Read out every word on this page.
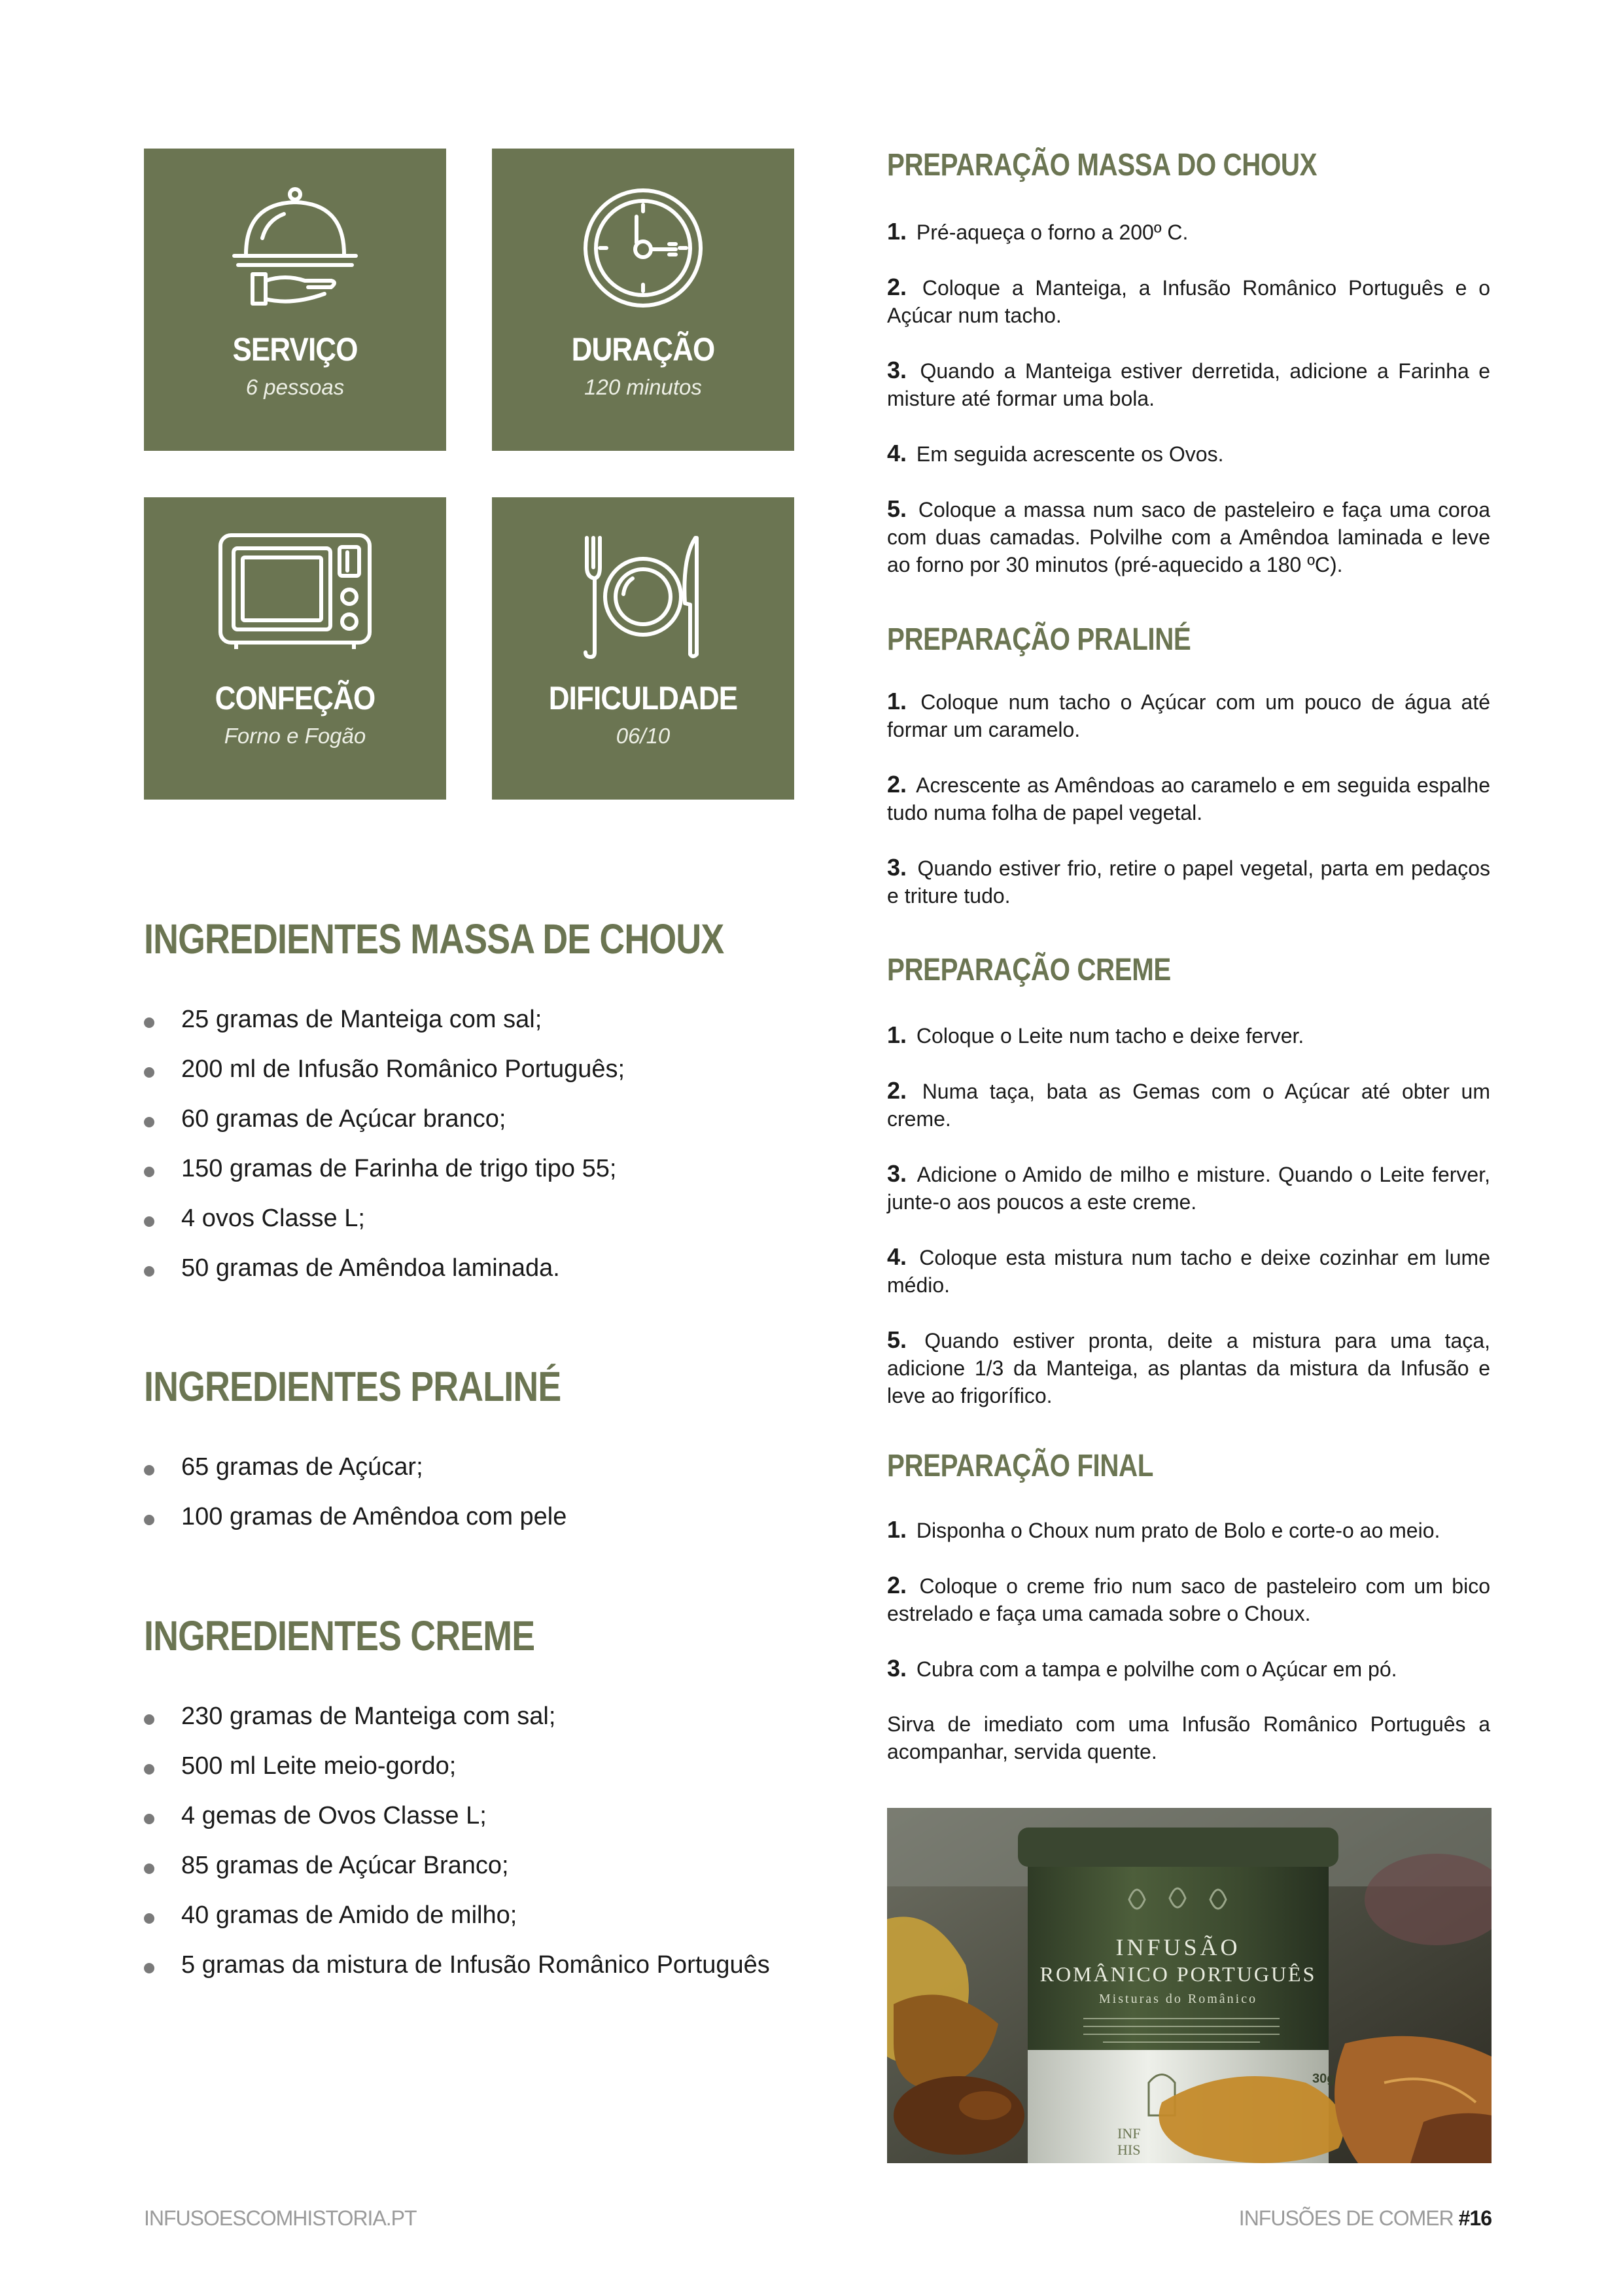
SERVIÇO
6 pessoas
DURAÇÃO
120 minutos
CONFEÇÃO
Forno e Fogão
DIFICULDADE
06/10
INGREDIENTES MASSA DE CHOUX
25 gramas de Manteiga com sal;
200 ml de Infusão Românico Português;
60 gramas de Açúcar branco;
150 gramas de Farinha de trigo tipo 55;
4 ovos Classe L;
50 gramas de Amêndoa laminada.
INGREDIENTES PRALINÉ
65 gramas de Açúcar;
100 gramas de Amêndoa com pele
INGREDIENTES CREME
230 gramas de Manteiga com sal;
500 ml Leite meio-gordo;
4 gemas de Ovos Classe L;
85 gramas de Açúcar Branco;
40 gramas de Amido de milho;
5 gramas da mistura de Infusão Românico Português
PREPARAÇÃO MASSA DO CHOUX

1. Pré-aqueça o forno a 200º C.

2. Coloque a Manteiga, a Infusão Românico Português e o Açúcar num tacho.

3. Quando a Manteiga estiver derretida, adicione a Farinha e misture até formar uma bola.

4. Em seguida acrescente os Ovos.

5. Coloque a massa num saco de pasteleiro e faça uma coroa com duas camadas. Polvilhe com a Amêndoa laminada e leve ao forno por 30 minutos (pré-aquecido a 180 ºC).

PREPARAÇÃO PRALINÉ

1. Coloque num tacho o Açúcar com um pouco de água até formar um caramelo.

2. Acrescente as Amêndoas ao caramelo e em seguida espalhe tudo numa folha de papel vegetal.

3. Quando estiver frio, retire o papel vegetal, parta em pedaços e triture tudo.

PREPARAÇÃO CREME

1. Coloque o Leite num tacho e deixe ferver.

2. Numa taça, bata as Gemas com o Açúcar até obter um creme.

3. Adicione o Amido de milho e misture. Quando o Leite ferver, junte-o aos poucos a este creme.

4. Coloque esta mistura num tacho e deixe cozinhar em lume médio.

5. Quando estiver pronta, deite a mistura para uma taça, adicione 1/3 da Manteiga, as plantas da mistura da Infusão e leve ao frigorífico.

PREPARAÇÃO FINAL

1. Disponha o Choux num prato de Bolo e corte-o ao meio.

2. Coloque o creme frio num saco de pasteleiro com um bico estrelado e faça uma camada sobre o Choux.

3. Cubra com a tampa e polvilhe com o Açúcar em pó.

Sirva de imediato com uma Infusão Românico Português a acompanhar, servida quente.

INFUSÃO
ROMÂNICO PORTUGUÊS
Misturas do Românico
30g
INF
HIS
INFUSOESCOMHISTORIA.PT	INFUSÕES DE COMER #16
